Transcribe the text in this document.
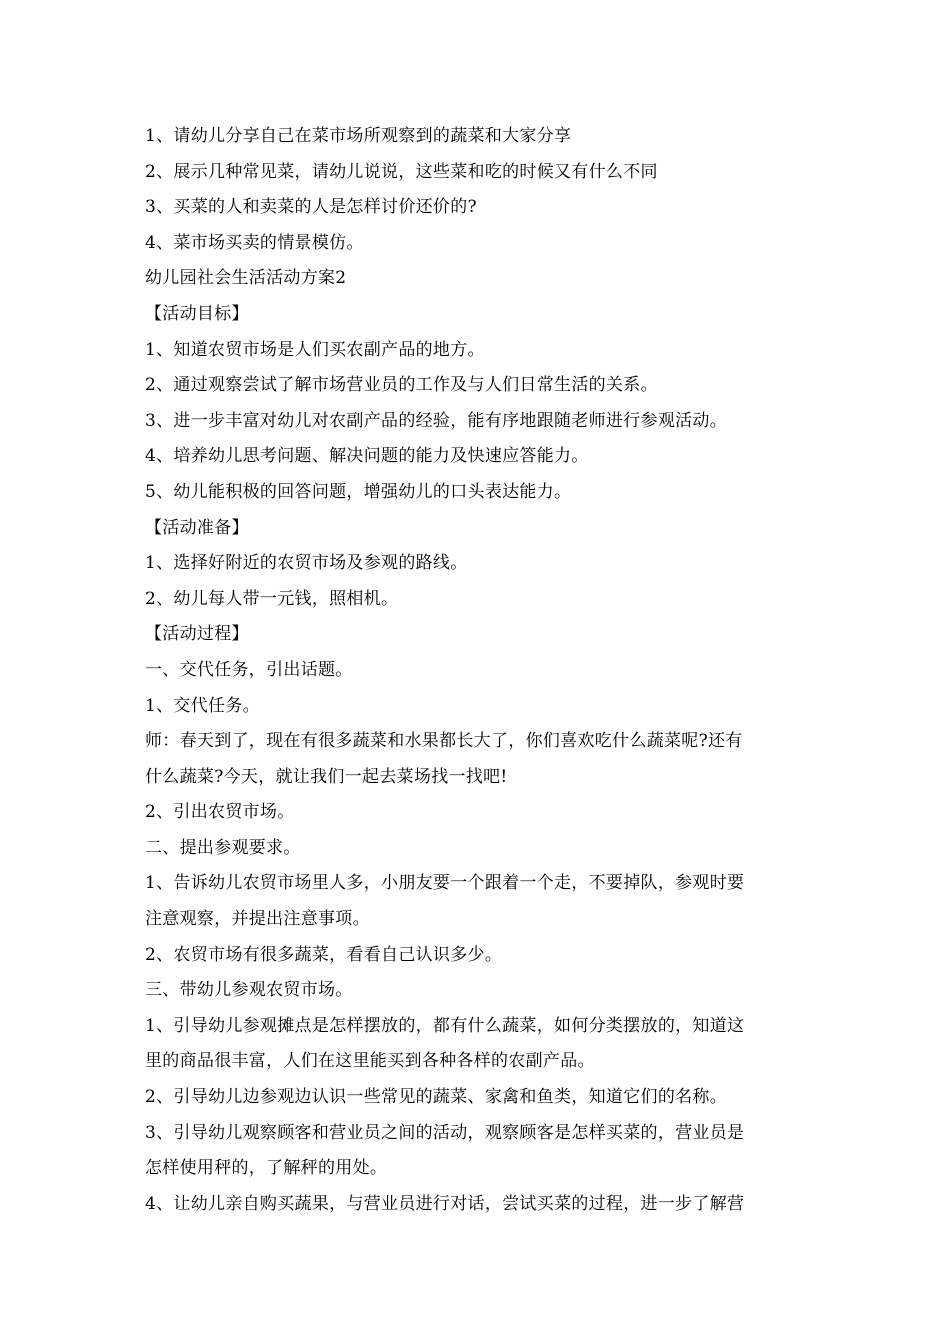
1、请幼儿分享自己在菜市场所观察到的蔬菜和大家分享
2、展示几种常见菜，请幼儿说说，这些菜和吃的时候又有什么不同
3、买菜的人和卖菜的人是怎样讨价还价的?
4、菜市场买卖的情景模仿。
幼儿园社会生活活动方案2
【活动目标】
1、知道农贸市场是人们买农副产品的地方。
2、通过观察尝试了解市场营业员的工作及与人们日常生活的关系。
3、进一步丰富对幼儿对农副产品的经验，能有序地跟随老师进行参观活动。
4、培养幼儿思考问题、解决问题的能力及快速应答能力。
5、幼儿能积极的回答问题，增强幼儿的口头表达能力。
【活动准备】
1、选择好附近的农贸市场及参观的路线。
2、幼儿每人带一元钱，照相机。
【活动过程】
一、交代任务，引出话题。
1、交代任务。
师：春天到了，现在有很多蔬菜和水果都长大了，你们喜欢吃什么蔬菜呢?还有
什么蔬菜?今天，就让我们一起去菜场找一找吧!
2、引出农贸市场。
二、提出参观要求。
1、告诉幼儿农贸市场里人多，小朋友要一个跟着一个走，不要掉队，参观时要
注意观察，并提出注意事项。
2、农贸市场有很多蔬菜，看看自己认识多少。
三、带幼儿参观农贸市场。
1、引导幼儿参观摊点是怎样摆放的，都有什么蔬菜，如何分类摆放的，知道这
里的商品很丰富，人们在这里能买到各种各样的农副产品。
2、引导幼儿边参观边认识一些常见的蔬菜、家禽和鱼类，知道它们的名称。
3、引导幼儿观察顾客和营业员之间的活动，观察顾客是怎样买菜的，营业员是
怎样使用秤的，了解秤的用处。
4、让幼儿亲自购买蔬果，与营业员进行对话，尝试买菜的过程，进一步了解营
